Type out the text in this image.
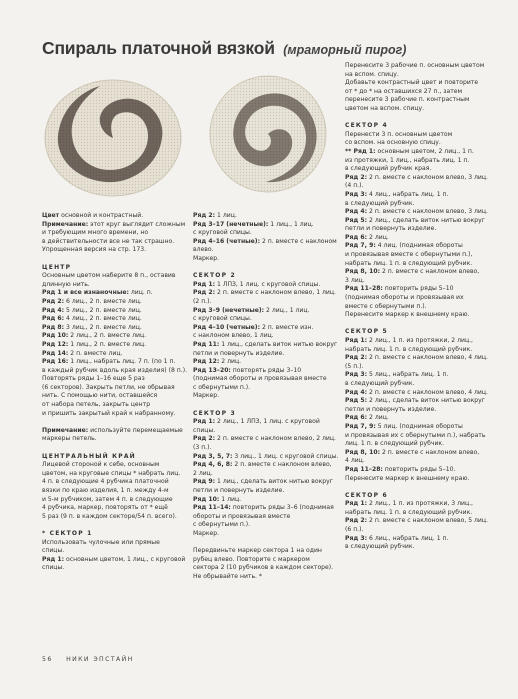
Спираль платочной вязкой (мраморный пирог)

Цвет основной и контрастный.

Примечание: этот круг выглядит сложным

и требующим много времени, но

в действительности все не так страшно.

Упрощенная версия на стр. 173.

ЦЕНТР

Основным цветом наберите 8 п., оставив

длинную нить.

Ряд 1 и все изнаночные: лиц. п.

Ряд 2: 6 лиц., 2 п. вместе лиц.

Ряд 4: 5 лиц., 2 п. вместе лиц.

Ряд 6: 4 лиц., 2 п. вместе лиц.

Ряд 8: 3 лиц., 2 п. вместе лиц.

Ряд 10: 2 лиц., 2 п. вместе лиц.

Ряд 12: 1 лиц., 2 п. вместе лиц.

Ряд 14: 2 п. вместе лиц.

Ряд 16: 1 лиц., набрать лиц. 7 п. (по 1 п.

в каждый рубчик вдоль края изделия) (8 п.).

Повторять ряды 1–16 еще 5 раз

(6 секторов). Закрыть петли, не обрывая

нить. С помощью нити, оставшейся

от набора петель, закрыть центр

и пришить закрытый край к набранному.

Примечание: используйте перемещаемые

маркеры петель.

ЦЕНТРАЛЬНЫЙ КРАЙ

Лицевой стороной к себе, основным

цветом, на круговые спицы * набрать лиц.

4 п. в следующие 4 рубчика платочной

вязки по краю изделия, 1 п. между 4-м

и 5-м рубчиком, затем 4 п. в следующие

4 рубчика, маркер, повторять от * ещё

5 раз (9 п. в каждом секторе/54 п. всего).

* СЕКТОР 1

Использовать чулочные или прямые

спицы.

Ряд 1: основным цветом, 1 лиц., с круговой

спицы.

Ряд 2: 1 лиц.

Ряд 3–17 (нечетные): 1 лиц., 1 лиц.

с круговой спицы.

Ряд 4–16 (четные): 2 п. вместе с наклоном

влево.

Маркер.

СЕКТОР 2

Ряд 1: 1 ЛПЗ, 1 лиц. с круговой спицы.

Ряд 2: 2 п. вместе с наклоном влево, 1 лиц.

(2 п.).

Ряд 3–9 (нечетные): 2 лиц., 1 лиц.

с круговой спицы.

Ряд 4–10 (четные): 2 п. вместе изн.

с наклоном влево, 1 лиц.

Ряд 11: 1 лиц., сделать виток нитью вокруг

петли и повернуть изделие.

Ряд 12: 2 лиц.

Ряд 13–20: повторять ряды 3–10

(поднимая обороты и провязывая вместе

с обернутыми п.).

Маркер.

СЕКТОР 3

Ряд 1: 2 лиц., 1 ЛПЗ, 1 лиц. с круговой

спицы.

Ряд 2: 2 п. вместе с наклоном влево, 2 лиц.

(3 п.).

Ряд 3, 5, 7: 3 лиц., 1 лиц. с круговой спицы.

Ряд 4, 6, 8: 2 п. вместе с наклоном влево,

2 лиц.

Ряд 9: 1 лиц., сделать виток нитью вокруг

петли и повернуть изделие.

Ряд 10: 1 лиц.

Ряд 11–14: повторить ряды 3–6 (поднимая

обороты и провязывая вместе

с обернутыми п.).

Маркер.

Передвиньте маркер сектора 1 на один

рубец влево. Повторите с маркером

сектора 2 (10 рубчиков в каждом секторе).

Не обрывайте нить. *

Перенесите 3 рабочие п. основным цветом

на вспом. спицу.

Добавьте контрастный цвет и повторите

от * до * на оставшихся 27 п., затем

перенесите 3 рабочие п. контрастным

цветом на вспом. спицу.

СЕКТОР 4

Перенести 3 п. основным цветом

со вспом. на основную спицу.

** Ряд 1: основным цветом, 2 лиц., 1 п.

из протяжки, 1 лиц., набрать лиц. 1 п.

в следующий рубчик края.

Ряд 2: 2 п. вместе с наклоном влево, 3 лиц.

(4 п.).

Ряд 3: 4 лиц., набрать лиц. 1 п.

в следующий рубчик.

Ряд 4: 2 п. вместе с наклоном влево, 3 лиц.

Ряд 5: 2 лиц., сделать виток нитью вокруг

петли и повернуть изделие.

Ряд 6: 2 лиц.

Ряд 7, 9: 4 лиц. (поднимая обороты

и провязывая вместе с обернутыми п.),

набрать лиц. 1 п. в следующий рубчик.

Ряд 8, 10: 2 п. вместе с наклоном влево,

3 лиц.

Ряд 11–28: повторить ряды 5–10

(поднимая обороты и провязывая их

вместе с обернутыми п.).

Перенесите маркер к внешнему краю.

СЕКТОР 5

Ряд 1: 2 лиц., 1 п. из протяжки, 2 лиц.,

набрать лиц. 1 п. в следующий рубчик.

Ряд 2: 2 п. вместе с наклоном влево, 4 лиц.

(5 п.).

Ряд 3: 5 лиц., набрать лиц. 1 п.

в следующий рубчик.

Ряд 4: 2 п. вместе с наклоном влево, 4 лиц.

Ряд 5: 2 лиц., сделать виток нитью вокруг

петли и повернуть изделие.

Ряд 6: 2 лиц.

Ряд 7, 9: 5 лиц. (поднимая обороты

и провязывая их с обернутыми п.), набрать

лиц. 1 п. в следующий рубчик.

Ряд 8, 10: 2 п. вместе с наклоном влево,

4 лиц.

Ряд 11–28: повторить ряды 5–10.

Перенесите маркер к внешнему краю.

СЕКТОР 6

Ряд 1: 2 лиц., 1 п. из протяжки, 3 лиц.,

набрать лиц. 1 п. в следующий рубчик.

Ряд 2: 2 п. вместе с наклоном влево, 5 лиц.

(6 п.).

Ряд 3: 6 лиц., набрать лиц. 1 п.

в следующий рубчик.

56 НИКИ ЭПСТАЙН
